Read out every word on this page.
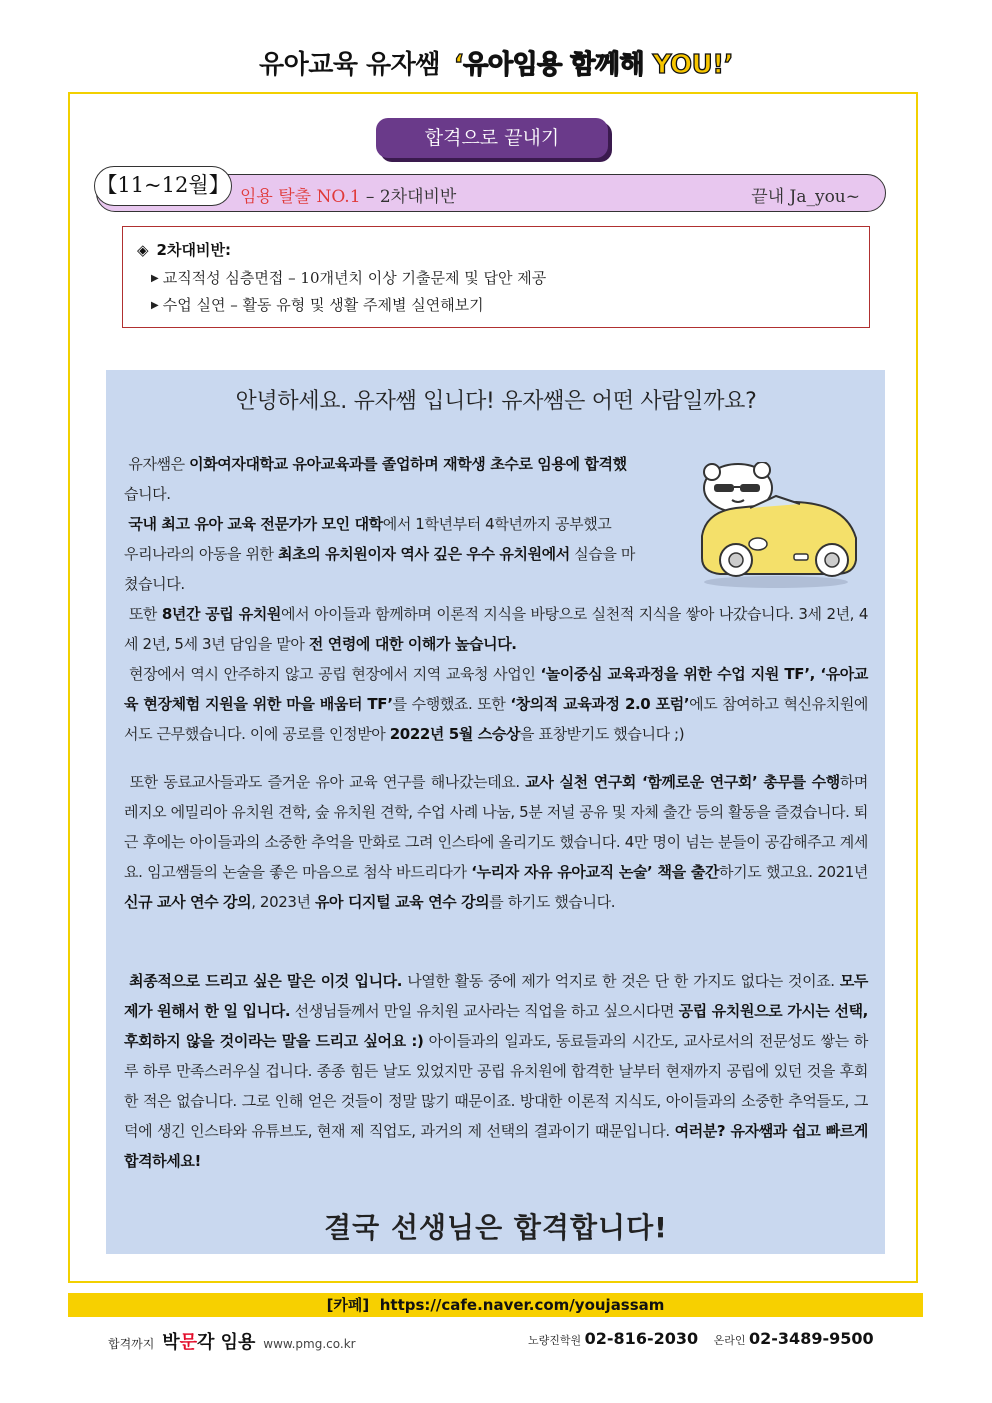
유아교육 유자쌤 ‘유아임용 함께해 YOU!’
합격으로 끝내기
【11~12월】 임용 탈출 NO.1 – 2차대비반	끝내 Ja_you~
◈ 2차대비반:
▶ 교직적성 심층면접 – 10개년치 이상 기출문제 및 답안 제공
▶ 수업 실연 – 활동 유형 및 생활 주제별 실연해보기
안녕하세요. 유자쌤 입니다! 유자쌤은 어떤 사람일까요?
유자쌤은 이화여자대학교 유아교육과를 졸업하며 재학생 초수로 임용에 합격했
습니다.
국내 최고 유아 교육 전문가가 모인 대학에서 1학년부터 4학년까지 공부했고
우리나라의 아동을 위한 최초의 유치원이자 역사 깊은 우수 유치원에서 실습을 마
쳤습니다.
또한 8년간 공립 유치원에서 아이들과 함께하며 이론적 지식을 바탕으로 실천적 지식을 쌓아 나갔습니다. 3세 2년, 4세 2년, 5세 3년 담임을 맡아 전 연령에 대한 이해가 높습니다.
현장에서 역시 안주하지 않고 공립 현장에서 지역 교육청 사업인 ‘놀이중심 교육과정을 위한 수업 지원 TF’, ‘유아교육 현장체험 지원을 위한 마을 배움터 TF’를 수행했죠. 또한 ‘창의적 교육과정 2.0 포럼’에도 참여하고 혁신유치원에서도 근무했습니다. 이에 공로를 인정받아 2022년 5월 스승상을 표창받기도 했습니다 ;)
또한 동료교사들과도 즐거운 유아 교육 연구를 해나갔는데요. 교사 실천 연구회 ‘함께로운 연구회’ 총무를 수행하며 레지오 에밀리아 유치원 견학, 숲 유치원 견학, 수업 사례 나눔, 5분 저널 공유 및 자체 출간 등의 활동을 즐겼습니다. 퇴근 후에는 아이들과의 소중한 추억을 만화로 그려 인스타에 올리기도 했습니다. 4만 명이 넘는 분들이 공감해주고 계세요. 임고쌤들의 논술을 좋은 마음으로 첨삭 바드리다가 ‘누리자 자유 유아교직 논술’ 책을 출간하기도 했고요. 2021년 신규 교사 연수 강의, 2023년 유아 디지털 교육 연수 강의를 하기도 했습니다.
최종적으로 드리고 싶은 말은 이것 입니다. 나열한 활동 중에 제가 억지로 한 것은 단 한 가지도 없다는 것이죠. 모두 제가 원해서 한 일 입니다. 선생님들께서 만일 유치원 교사라는 직업을 하고 싶으시다면 공립 유치원으로 가시는 선택, 후회하지 않을 것이라는 말을 드리고 싶어요 :) 아이들과의 일과도, 동료들과의 시간도, 교사로서의 전문성도 쌓는 하루 하루 만족스러우실 겁니다. 종종 힘든 날도 있었지만 공립 유치원에 합격한 날부터 현재까지 공립에 있던 것을 후회한 적은 없습니다. 그로 인해 얻은 것들이 정말 많기 때문이죠. 방대한 이론적 지식도, 아이들과의 소중한 추억들도, 그 덕에 생긴 인스타와 유튜브도, 현재 제 직업도, 과거의 제 선택의 결과이기 때문입니다. 여러분? 유자쌤과 쉽고 빠르게 합격하세요!
결국 선생님은 합격합니다!
[카페] https://cafe.naver.com/youjassam
합격까지 박문각 임용 www.pmg.co.kr	노량진학원 02-816-2030 온라인 02-3489-9500
